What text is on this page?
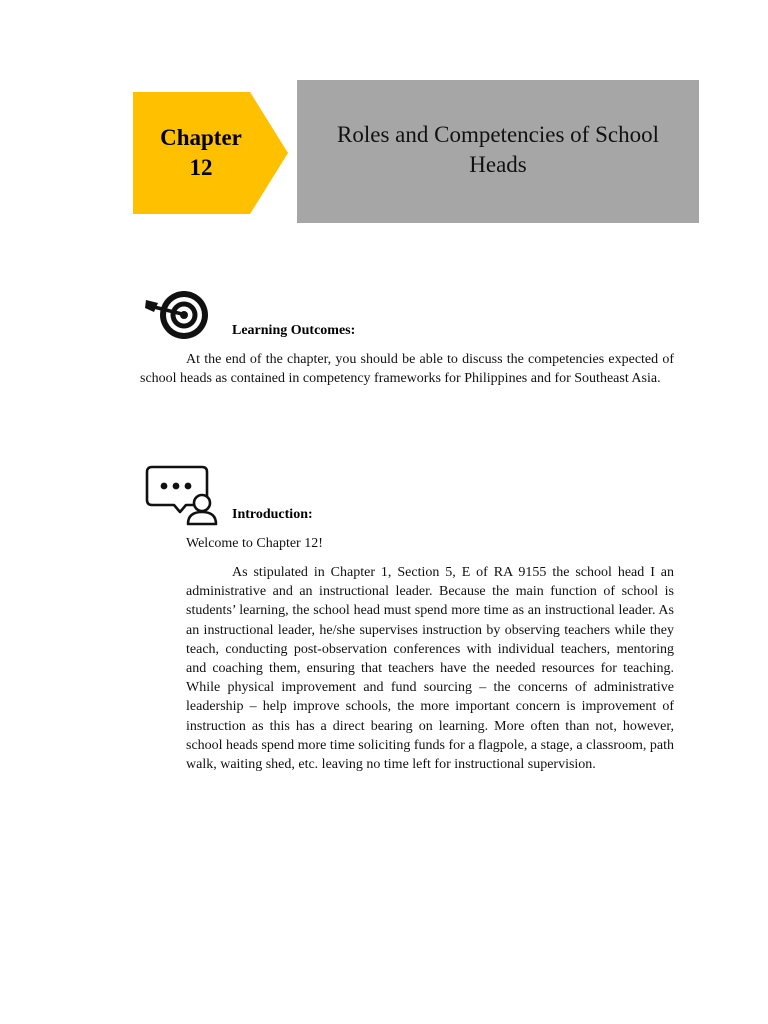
Chapter
12
Roles and Competencies of School Heads
Learning Outcomes:
At the end of the chapter, you should be able to discuss the competencies expected of school heads as contained in competency frameworks for Philippines and for Southeast Asia.
Introduction:
Welcome to Chapter 12!
As stipulated in Chapter 1, Section 5, E of RA 9155 the school head I an administrative and an instructional leader. Because the main function of school is students’ learning, the school head must spend more time as an instructional leader. As an instructional leader, he/she supervises instruction by observing teachers while they teach, conducting post-observation conferences with individual teachers, mentoring and coaching them, ensuring that teachers have the needed resources for teaching. While physical improvement and fund sourcing – the concerns of administrative leadership – help improve schools, the more important concern is improvement of instruction as this has a direct bearing on learning. More often than not, however, school heads spend more time soliciting funds for a flagpole, a stage, a classroom, path walk, waiting shed, etc. leaving no time left for instructional supervision.
